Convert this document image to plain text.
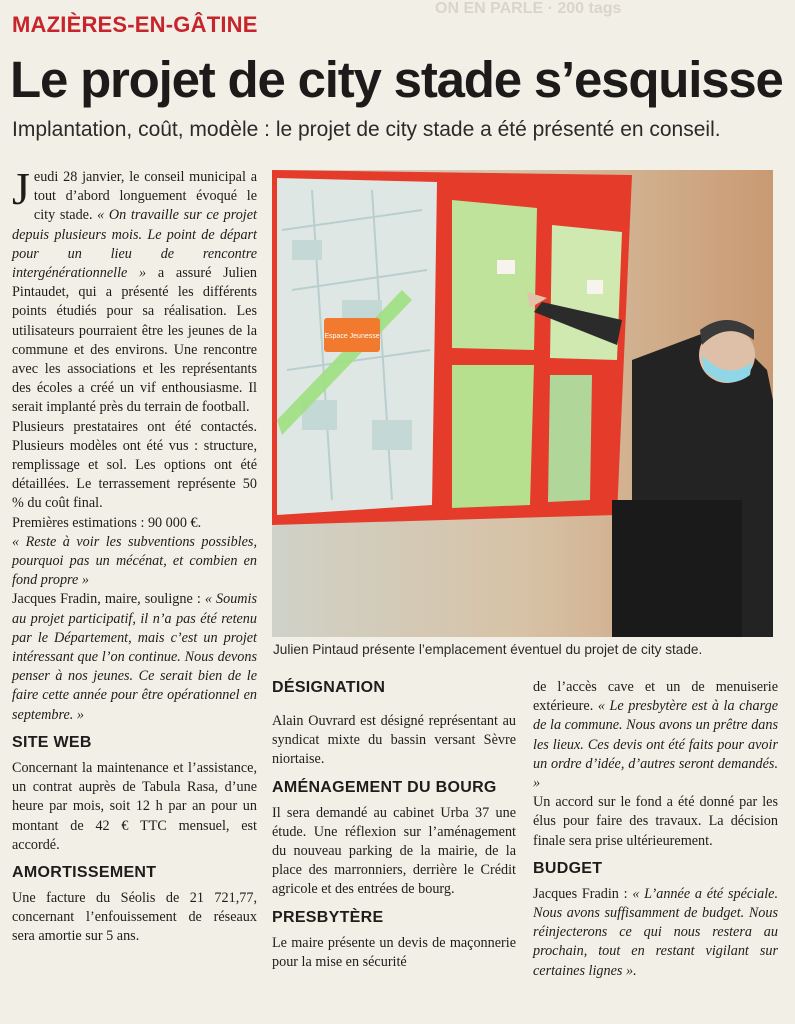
ON EN PARLE · 200 tags
MAZIÈRES-EN-GÂTINE
Le projet de city stade s’esquisse
Implantation, coût, modèle : le projet de city stade a été présenté en conseil.

Jeudi 28 janvier, le conseil municipal a tout d’abord longuement évoqué le city stade. « On travaille sur ce projet depuis plusieurs mois. Le point de départ pour un lieu de rencontre intergénérationnelle » a assuré Julien Pintaudet, qui a présenté les différents points étudiés pour sa réalisation. Les utilisateurs pourraient être les jeunes de la commune et des environs. Une rencontre avec les associations et les représentants des écoles a créé un vif enthousiasme. Il serait implanté près du terrain de football.

Plusieurs prestataires ont été contactés. Plusieurs modèles ont été vus : structure, remplissage et sol. Les options ont été détaillées. Le terrassement représente 50 % du coût final.

Premières estimations : 90 000 €.

« Reste à voir les subventions possibles, pourquoi pas un mécénat, et combien en fond propre »

Jacques Fradin, maire, souligne : « Soumis au projet participatif, il n’a pas été retenu par le Département, mais c’est un projet intéressant que l’on continue. Nous devons penser à nos jeunes. Ce serait bien de le faire cette année pour être opérationnel en septembre. »

SITE WEB

Concernant la maintenance et l’assistance, un contrat auprès de Tabula Rasa, d’une heure par mois, soit 12 h par an pour un montant de 42 € TTC mensuel, est accordé.

AMORTISSEMENT

Une facture du Séolis de 21 721,77, concernant l’enfouissement de réseaux sera amortie sur 5 ans.

Espace Jeunesse
Julien Pintaud présente l’emplacement éventuel du projet de city stade.
DÉSIGNATION

Alain Ouvrard est désigné représentant au syndicat mixte du bassin versant Sèvre niortaise.

AMÉNAGEMENT DU BOURG

Il sera demandé au cabinet Urba 37 une étude. Une réflexion sur l’aménagement du nouveau parking de la mairie, de la place des marronniers, derrière le Crédit agricole et des entrées de bourg.

PRESBYTÈRE

Le maire présente un devis de maçonnerie pour la mise en sécurité

de l’accès cave et un de menuiserie extérieure. « Le presbytère est à la charge de la commune. Nous avons un prêtre dans les lieux. Ces devis ont été faits pour avoir un ordre d’idée, d’autres seront demandés. »

Un accord sur le fond a été donné par les élus pour faire des travaux. La décision finale sera prise ultérieurement.

BUDGET

Jacques Fradin : « L’année a été spéciale. Nous avons suffisamment de budget. Nous réinjecterons ce qui nous restera au prochain, tout en restant vigilant sur certaines lignes ».
